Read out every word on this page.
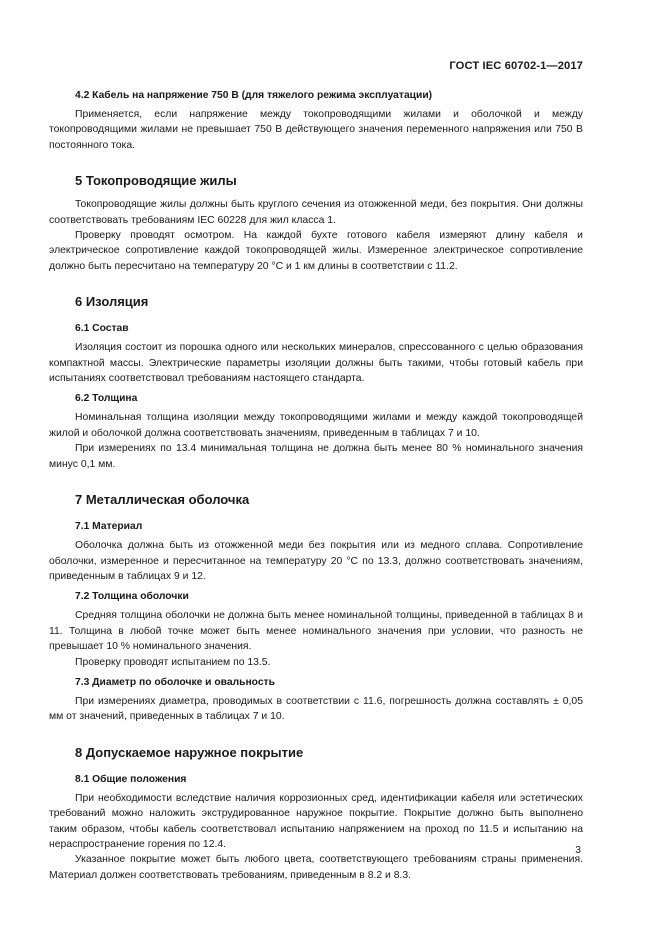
ГОСТ IEC 60702-1—2017
4.2 Кабель на напряжение 750 В (для тяжелого режима эксплуатации)

Применяется, если напряжение между токопроводящими жилами и оболочкой и между токопроводящими жилами не превышает 750 В действующего значения переменного напряжения или 750 В постоянного тока.

5 Токопроводящие жилы

Токопроводящие жилы должны быть круглого сечения из отожженной меди, без покрытия. Они должны соответствовать требованиям IEC 60228 для жил класса 1.

Проверку проводят осмотром. На каждой бухте готового кабеля измеряют длину кабеля и электрическое сопротивление каждой токопроводящей жилы. Измеренное электрическое сопротивление должно быть пересчитано на температуру 20 °С и 1 км длины в соответствии с 11.2.

6 Изоляция
6.1 Состав

Изоляция состоит из порошка одного или нескольких минералов, спрессованного с целью образования компактной массы. Электрические параметры изоляции должны быть такими, чтобы готовый кабель при испытаниях соответствовал требованиям настоящего стандарта.

6.2 Толщина

Номинальная толщина изоляции между токопроводящими жилами и между каждой токопроводящей жилой и оболочкой должна соответствовать значениям, приведенным в таблицах 7 и 10.

При измерениях по 13.4 минимальная толщина не должна быть менее 80 % номинального значения минус 0,1 мм.

7 Металлическая оболочка
7.1 Материал

Оболочка должна быть из отожженной меди без покрытия или из медного сплава. Сопротивление оболочки, измеренное и пересчитанное на температуру 20 °С по 13.3, должно соответствовать значениям, приведенным в таблицах 9 и 12.

7.2 Толщина оболочки

Средняя толщина оболочки не должна быть менее номинальной толщины, приведенной в таблицах 8 и 11. Толщина в любой точке может быть менее номинального значения при условии, что разность не превышает 10 % номинального значения.

Проверку проводят испытанием по 13.5.

7.3 Диаметр по оболочке и овальность

При измерениях диаметра, проводимых в соответствии с 11.6, погрешность должна составлять ± 0,05 мм от значений, приведенных в таблицах 7 и 10.

8 Допускаемое наружное покрытие
8.1 Общие положения

При необходимости вследствие наличия коррозионных сред, идентификации кабеля или эстетических требований можно наложить экструдированное наружное покрытие. Покрытие должно быть выполнено таким образом, чтобы кабель соответствовал испытанию напряжением на проход по 11.5 и испытанию на нераспространение горения по 12.4.

Указанное покрытие может быть любого цвета, соответствующего требованиям страны применения. Материал должен соответствовать требованиям, приведенным в 8.2 и 8.3.

3
